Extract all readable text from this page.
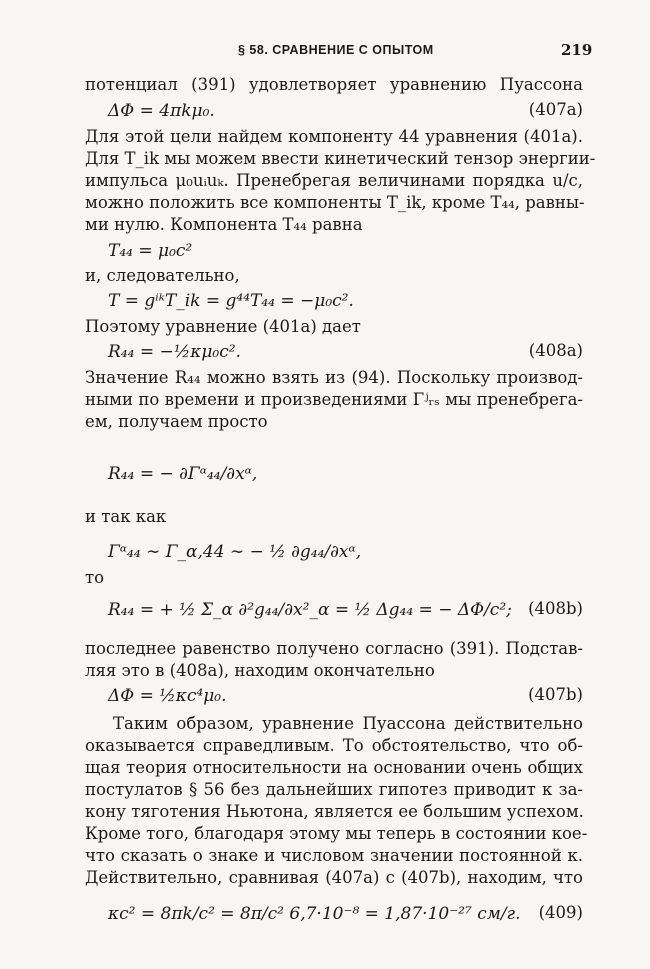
§ 58. СРАВНЕНИЕ С ОПЫТОМ	219
потенциал (391) удовлетворяет уравнению Пуассона
ΔΦ = 4πkμ₀.	(407a)
Для этой цели найдем компоненту 44 уравнения (401a).
Для T_ik мы можем ввести кинетический тензор энергии-
импульса μ₀uᵢuₖ. Пренебрегая величинами порядка u/c,
можно положить все компоненты T_ik, кроме T₄₄, равны-
ми нулю. Компонента T₄₄ равна
T₄₄ = μ₀c²
и, следовательно,
T = gⁱᵏT_ik = g⁴⁴T₄₄ = −μ₀c².
Поэтому уравнение (401a) дает
R₄₄ = −½κμ₀c².	(408a)
Значение R₄₄ можно взять из (94). Поскольку производ-
ными по времени и произведениями Γʲᵣₛ мы пренебрега-
ем, получаем просто
R₄₄ = − ∂Γᵅ₄₄/∂xᵅ,
и так как
Γᵅ₄₄ ∼ Γ_α,44 ∼ − ½ ∂g₄₄/∂xᵅ,
то
R₄₄ = + ½ Σ_α ∂²g₄₄/∂x²_α = ½ Δg₄₄ = − ΔΦ/c²; (408b)
последнее равенство получено согласно (391). Подстав-
ляя это в (408a), находим окончательно
ΔΦ = ½κc⁴μ₀.	(407b)
Таким образом, уравнение Пуассона действительно
оказывается справедливым. То обстоятельство, что об-
щая теория относительности на основании очень общих
постулатов § 56 без дальнейших гипотез приводит к за-
кону тяготения Ньютона, является ее большим успехом.
Кроме того, благодаря этому мы теперь в состоянии кое-
что сказать о знаке и числовом значении постоянной κ.
Действительно, сравнивая (407a) с (407b), находим, что
κc² = 8πk/c² = 8π/c² 6,7·10⁻⁸ = 1,87·10⁻²⁷ см/г. (409)
